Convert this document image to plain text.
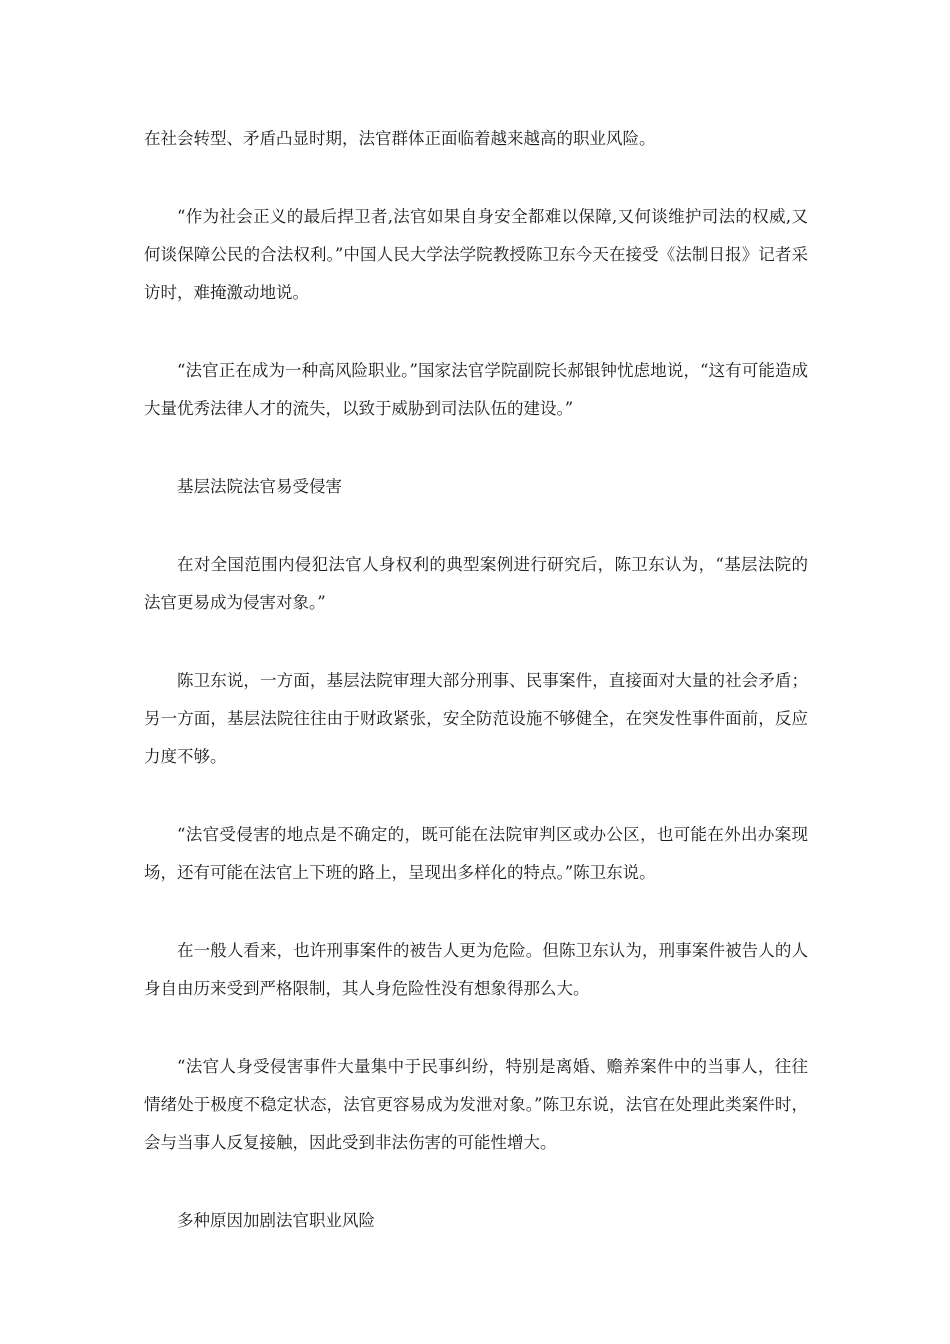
在社会转型、矛盾凸显时期，法官群体正面临着越来越高的职业风险。

“作为社会正义的最后捍卫者,法官如果自身安全都难以保障,又何谈维护司法的权威,又何谈保障公民的合法权利。”中国人民大学法学院教授陈卫东今天在接受《法制日报》记者采访时，难掩激动地说。

“法官正在成为一种高风险职业。”国家法官学院副院长郝银钟忧虑地说，“这有可能造成大量优秀法律人才的流失，以致于威胁到司法队伍的建设。”

基层法院法官易受侵害

在对全国范围内侵犯法官人身权利的典型案例进行研究后，陈卫东认为，“基层法院的法官更易成为侵害对象。”

陈卫东说，一方面，基层法院审理大部分刑事、民事案件，直接面对大量的社会矛盾；另一方面，基层法院往往由于财政紧张，安全防范设施不够健全，在突发性事件面前，反应力度不够。

“法官受侵害的地点是不确定的，既可能在法院审判区或办公区，也可能在外出办案现场，还有可能在法官上下班的路上，呈现出多样化的特点。”陈卫东说。

在一般人看来，也许刑事案件的被告人更为危险。但陈卫东认为，刑事案件被告人的人身自由历来受到严格限制，其人身危险性没有想象得那么大。

“法官人身受侵害事件大量集中于民事纠纷，特别是离婚、赡养案件中的当事人，往往情绪处于极度不稳定状态，法官更容易成为发泄对象。”陈卫东说，法官在处理此类案件时，会与当事人反复接触，因此受到非法伤害的可能性增大。

多种原因加剧法官职业风险
